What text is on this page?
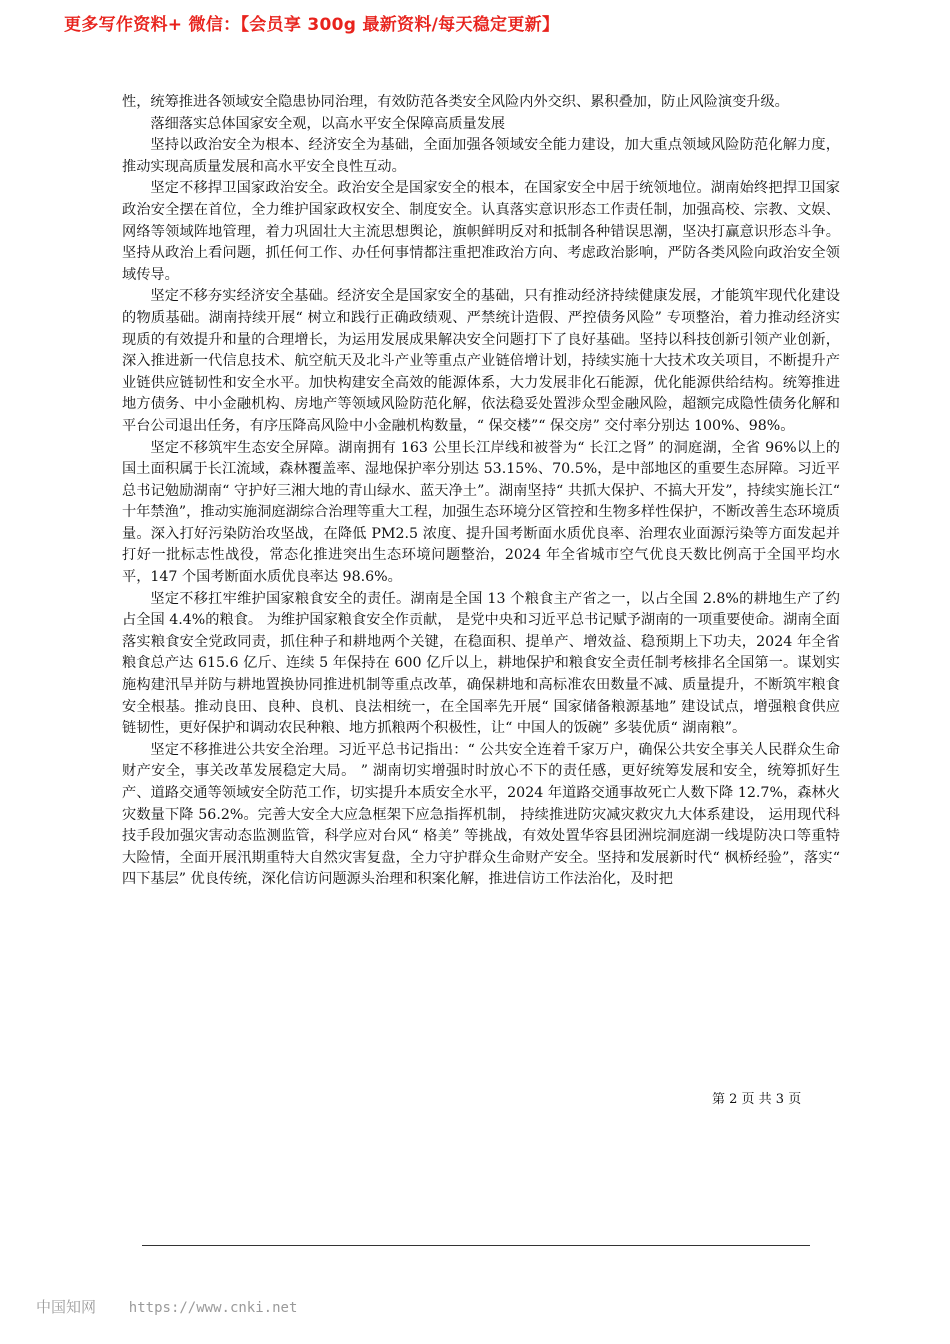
更多写作资料+ 微信：【会员享 300g 最新资料/每天稳定更新】

性，统筹推进各领域安全隐患协同治理，有效防范各类安全风险内外交织、累积叠加，防止风险演变升级。

落细落实总体国家安全观，以高水平安全保障高质量发展

坚持以政治安全为根本、经济安全为基础，全面加强各领域安全能力建设，加大重点领域风险防范化解力度，推动实现高质量发展和高水平安全良性互动。

坚定不移捍卫国家政治安全。政治安全是国家安全的根本，在国家安全中居于统领地位。湖南始终把捍卫国家政治安全摆在首位，全力维护国家政权安全、制度安全。认真落实意识形态工作责任制，加强高校、宗教、文娱、网络等领域阵地管理，着力巩固壮大主流思想舆论，旗帜鲜明反对和抵制各种错误思潮，坚决打赢意识形态斗争。坚持从政治上看问题，抓任何工作、办任何事情都注重把准政治方向、考虑政治影响，严防各类风险向政治安全领域传导。

坚定不移夯实经济安全基础。经济安全是国家安全的基础，只有推动经济持续健康发展，才能筑牢现代化建设的物质基础。湖南持续开展“ 树立和践行正确政绩观、严禁统计造假、严控债务风险” 专项整治，着力推动经济实现质的有效提升和量的合理增长，为运用发展成果解决安全问题打下了良好基础。坚持以科技创新引领产业创新，深入推进新一代信息技术、航空航天及北斗产业等重点产业链倍增计划，持续实施十大技术攻关项目，不断提升产业链供应链韧性和安全水平。加快构建安全高效的能源体系，大力发展非化石能源，优化能源供给结构。统筹推进地方债务、中小金融机构、房地产等领域风险防范化解，依法稳妥处置涉众型金融风险，超额完成隐性债务化解和平台公司退出任务，有序压降高风险中小金融机构数量，“ 保交楼”“ 保交房” 交付率分别达 100%、98%。

坚定不移筑牢生态安全屏障。湖南拥有 163 公里长江岸线和被誉为“ 长江之肾” 的洞庭湖，全省 96%以上的国土面积属于长江流域，森林覆盖率、湿地保护率分别达 53.15%、70.5%，是中部地区的重要生态屏障。习近平总书记勉励湖南“ 守护好三湘大地的青山绿水、蓝天净土”。湖南坚持“ 共抓大保护、不搞大开发”，持续实施长江“ 十年禁渔”，推动实施洞庭湖综合治理等重大工程，加强生态环境分区管控和生物多样性保护，不断改善生态环境质量。深入打好污染防治攻坚战，在降低 PM2.5 浓度、提升国考断面水质优良率、治理农业面源污染等方面发起并打好一批标志性战役，常态化推进突出生态环境问题整治，2024 年全省城市空气优良天数比例高于全国平均水平，147 个国考断面水质优良率达 98.6%。

坚定不移扛牢维护国家粮食安全的责任。湖南是全国 13 个粮食主产省之一，以占全国 2.8%的耕地生产了约占全国 4.4%的粮食。 为维护国家粮食安全作贡献， 是党中央和习近平总书记赋予湖南的一项重要使命。湖南全面落实粮食安全党政同责，抓住种子和耕地两个关键，在稳面积、提单产、增效益、稳预期上下功夫，2024 年全省粮食总产达 615.6 亿斤、连续 5 年保持在 600 亿斤以上，耕地保护和粮食安全责任制考核排名全国第一。谋划实施构建汛旱并防与耕地置换协同推进机制等重点改革，确保耕地和高标准农田数量不减、质量提升，不断筑牢粮食安全根基。推动良田、良种、良机、良法相统一，在全国率先开展“ 国家储备粮源基地” 建设试点，增强粮食供应链韧性，更好保护和调动农民种粮、地方抓粮两个积极性，让“ 中国人的饭碗” 多装优质“ 湖南粮”。

坚定不移推进公共安全治理。习近平总书记指出：“ 公共安全连着千家万户，确保公共安全事关人民群众生命财产安全，事关改革发展稳定大局。 ” 湖南切实增强时时放心不下的责任感，更好统筹发展和安全，统筹抓好生产、道路交通等领域安全防范工作，切实提升本质安全水平，2024 年道路交通事故死亡人数下降 12.7%，森林火灾数量下降 56.2%。完善大安全大应急框架下应急指挥机制， 持续推进防灾减灾救灾九大体系建设， 运用现代科技手段加强灾害动态监测监管，科学应对台风“ 格美” 等挑战，有效处置华容县团洲垸洞庭湖一线堤防决口等重特大险情，全面开展汛期重特大自然灾害复盘，全力守护群众生命财产安全。坚持和发展新时代“ 枫桥经验”，落实“ 四下基层” 优良传统，深化信访问题源头治理和积案化解，推进信访工作法治化，及时把

第 2 页 共 3 页
中国知网 https://www.cnki.net
